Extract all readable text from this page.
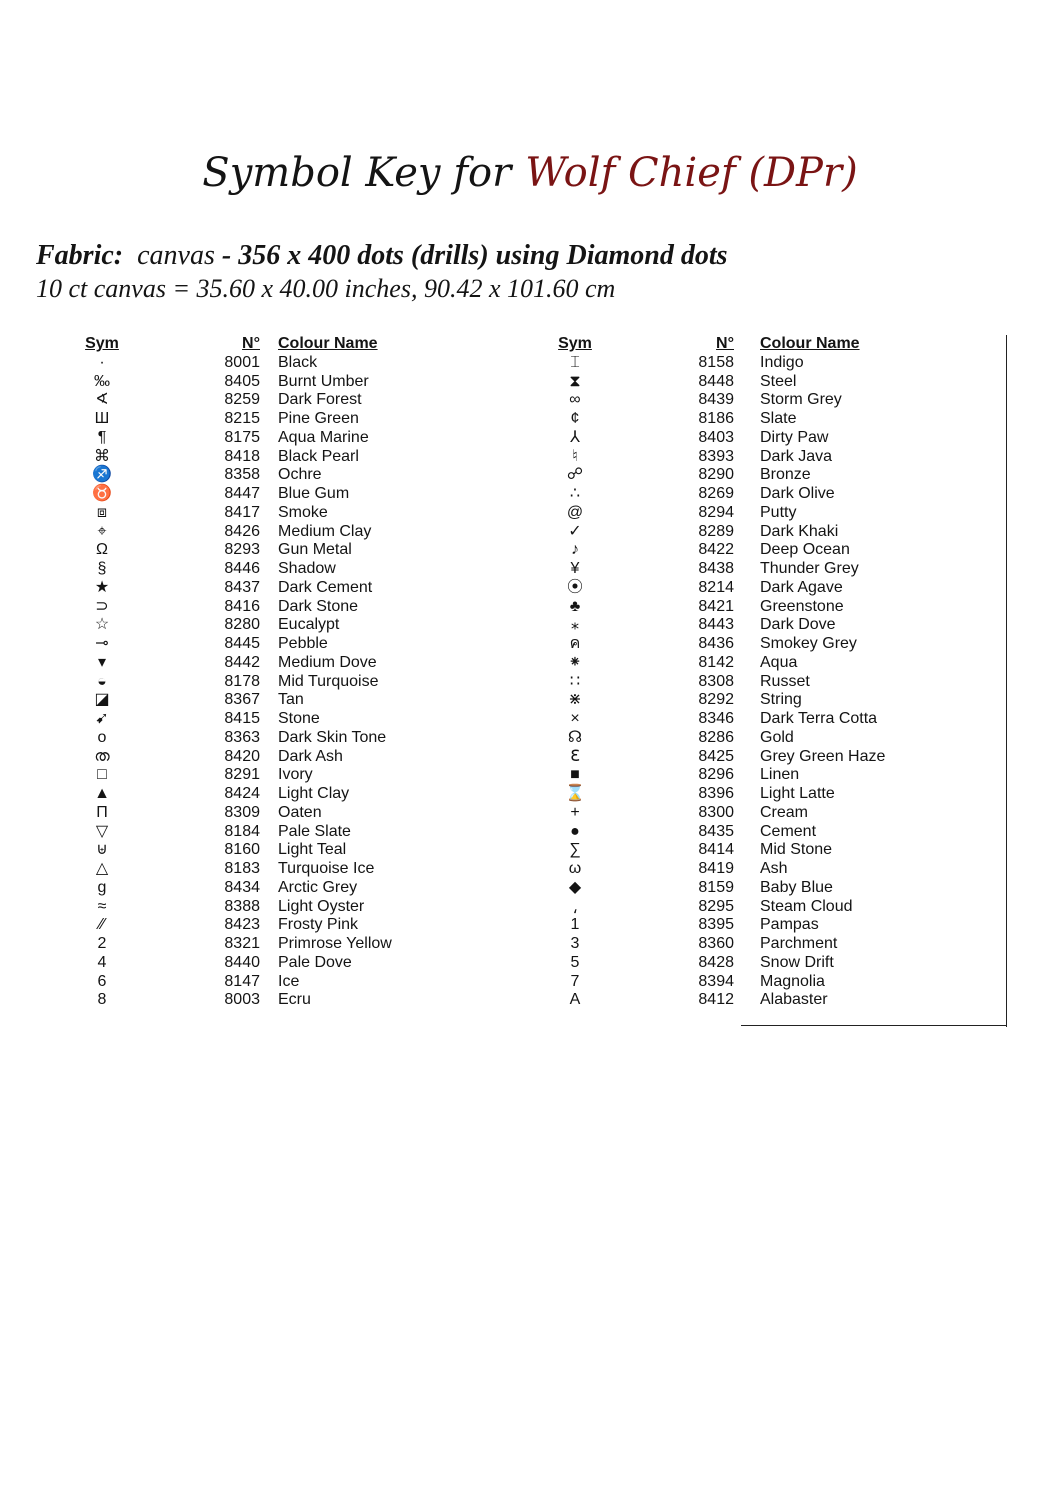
Symbol Key for Wolf Chief (DPr)
Fabric: canvas - 356 x 400 dots (drills) using Diamond dots
10 ct canvas = 35.60 x 40.00 inches, 90.42 x 101.60 cm
Sym	N° Colour Name
·	8001 Black
‰	8405 Burnt Umber
∢	8259 Dark Forest
Ш	8215 Pine Green
¶	8175 Aqua Marine
⌘	8418 Black Pearl
♐	8358 Ochre
♉	8447 Blue Gum
⧈	8417 Smoke
⌖	8426 Medium Clay
Ω	8293 Gun Metal
§	8446 Shadow
★	8437 Dark Cement
⊃	8416 Dark Stone
☆	8280 Eucalypt
⊸	8445 Pebble
▾	8442 Medium Dove
◒	8178 Mid Turquoise
◪	8367 Tan
➹	8415 Stone
o	8363 Dark Skin Tone
ത	8420 Dark Ash
□	8291 Ivory
▲	8424 Light Clay
Π	8309 Oaten
▽	8184 Pale Slate
⊎	8160 Light Teal
△	8183 Turquoise Ice
g	8434 Arctic Grey
≈	8388 Light Oyster
⁄⁄	8423 Frosty Pink
2	8321 Primrose Yellow
4	8440 Pale Dove
6	8147 Ice
8	8003 Ecru
Sym	N° Colour Name
⌶	8158 Indigo
⧗	8448 Steel
∞	8439 Storm Grey
¢	8186 Slate
⅄	8403 Dirty Paw
♮	8393 Dark Java
☍	8290 Bronze
∴	8269 Dark Olive
@	8294 Putty
✓	8289 Dark Khaki
♪	8422 Deep Ocean
¥	8438 Thunder Grey
⦿	8214 Dark Agave
♣	8421 Greenstone
⁎	8443 Dark Dove
ค	8436 Smokey Grey
⁕	8142 Aqua
∷	8308 Russet
⋇	8292 String
×	8346 Dark Terra Cotta
☊	8286 Gold
ℇ	8425 Grey Green Haze
■	8296 Linen
⌛	8396 Light Latte
+	8300 Cream
●	8435 Cement
∑	8414 Mid Stone
ω	8419 Ash
◆	8159 Baby Blue
⸲	8295 Steam Cloud
1	8395 Pampas
3	8360 Parchment
5	8428 Snow Drift
7	8394 Magnolia
A	8412 Alabaster
